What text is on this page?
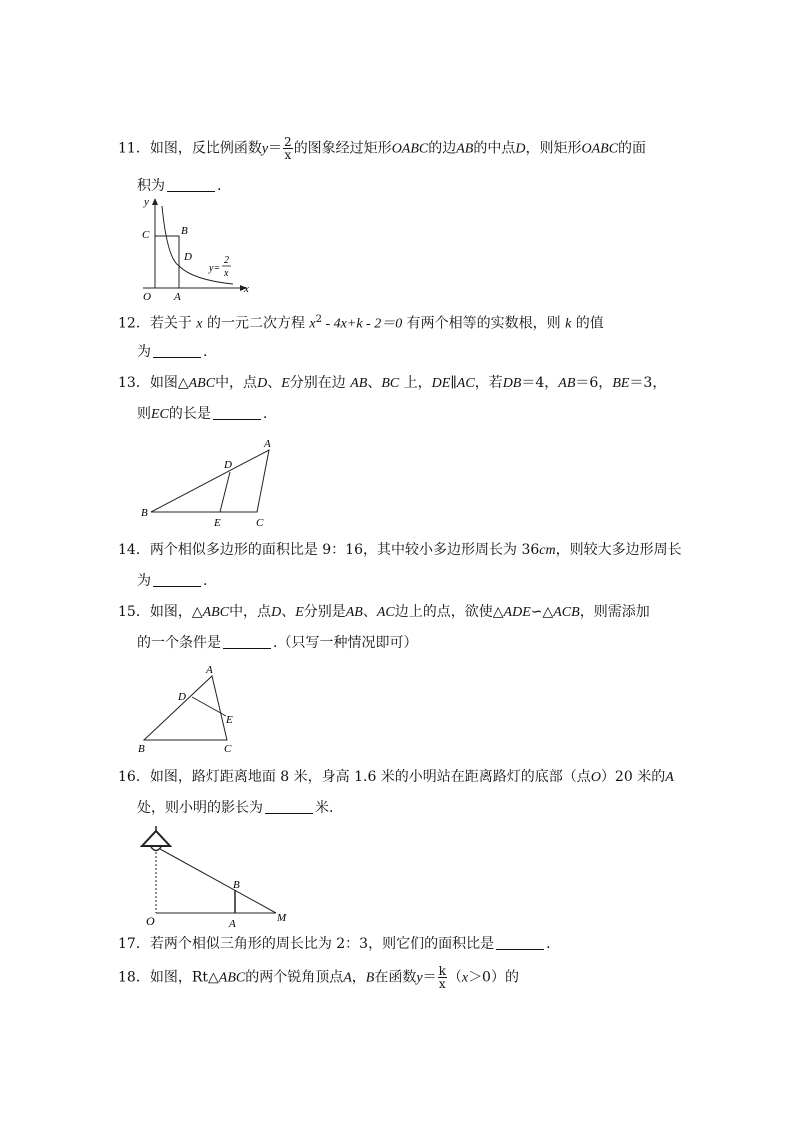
11．如图，反比例函数$y= \frac{2}{x}$ 的图象经过矩形OABC的边AB的中点D，则矩形OABC的面
积为	.
y
x
C	B
D
O A
y=
2
x
12．若关于 x 的一元二次方程 $x^2 - 4x+k - 2=0$ 有两个相等的实数根，则 k 的值
为	.
13．如图△ABC中，点D、E分别在边 AB、BC 上，DE∥AC，若DB＝4，AB＝6，BE＝3，
则EC的长是	.
A
B
C
D
E
14．两个相似多边形的面积比是 9：16，其中较小多边形周长为 36cm，则较大多边形周长
为	.
15．如图，△ABC中，点D、E分别是AB、AC边上的点，欲使△ADE∽△ACB，则需添加
的一个条件是	.（只写一种情况即可）
A
B	C
D
E
16．如图，路灯距离地面 8 米，身高 1.6 米的小明站在距离路灯的底部（点O）20 米的A
处，则小明的影长为	米．
O	A
B
M
17．若两个相似三角形的周长比为 2：3，则它们的面积比是	.
18．如图，Rt△ABC的两个锐角顶点A，B在函数$y= \frac{k}{x} (x>0)$的
